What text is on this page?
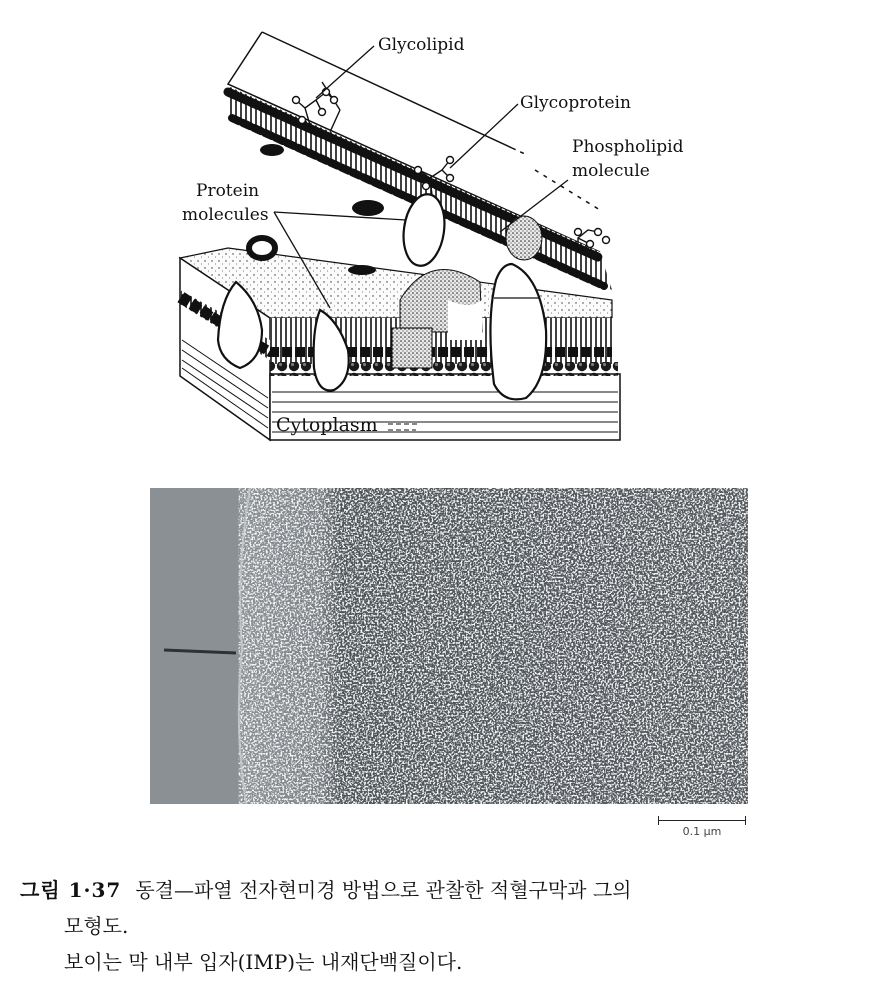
Glycolipid
Glycoprotein
Phospholipid
molecule
Protein
molecules
Cytoplasm
0.1 μm
그림 1·37 동결—파열 전자현미경 방법으로 관찰한 적혈구막과 그의
모형도.
보이는 막 내부 입자(IMP)는 내재단백질이다.
